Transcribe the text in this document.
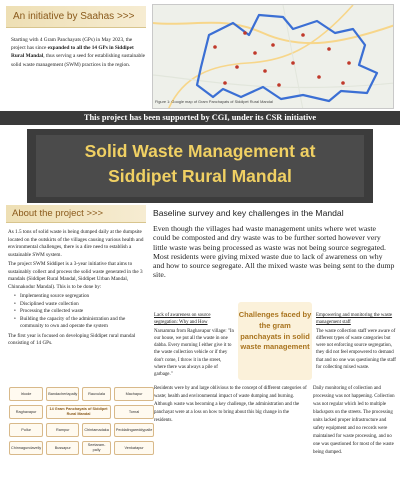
An initiative by Saahas >>>
Starting with 4 Gram Panchayats (GPs) in May 2023, the project has since expanded to all the 14 GPs in Siddipet Rural Mandal, thus serving a seed for establishing sustainable solid waste management (SWM) practices in the region.
Figure 1: Google map of Gram Panchayats of Siddipet Rural Mandal
This project has been supported by CGI, under its CSR initiative
Solid Waste Management at
Siddipet Rural Mandal
About the project >>>

As 1.5 tons of solid waste is being dumped daily at the dumpsite located on the outskirts of the villages causing various health and environmental challenges, there is a dire need to establish a sustainable SWM system.

The project SWM Siddipet is a 3-year initiative that aims to sustainably collect and process the solid waste generated in the 3 mandals (Siddipet Rural Mandal, Siddipet Urban Mandal, Chinnakodur Mandal). This is to be done by:

• Implementing source segregation
• Disciplined waste collection
• Processing the collected waste
• Building the capacity of the administration and the community to own and operate the system

The first year is focused on developing Siddipet rural mandal consisting of 14 GPs.

Irkode	Bandacherlapally	Rauvulala	Machapur
Raghavapur	14 Gram Panchayats of Siddipet Rural Mandal		Tornal
Pullur	Rampur	Chintamadaka	Peddalingareddypalle
Chinnagundavelly	Bussapur	Seetaram-pally	Venkatapur
Baseline survey and key challenges in the Mandal
Even though the villages had waste management units where wet waste could be composted and dry waste was to be further sorted however very little waste was being processed as waste was not being source segregated. Most residents were giving mixed waste due to lack of awareness on why and how to source segregate. All the mixed waste was being sent to the dump site.
Lack of awareness on source segregation: Why and How
Narsamma from Raghavapur village: "In our house, we put all the waste in one dabba. Every morning I either give it to the waste collection vehicle or if they don't come, I throw it in the street, where there was always a pile of garbage."
Challenges faced by the gram panchayats in solid waste management
Empowering and monitoring the waste management staff
The waste collection staff were aware of different types of waste categories but were not enforcing source segregation, they did not feel empowered to demand that and no one was questioning the staff for collecting mixed waste.
Residents were by and large oblivious to the concept of different categories of waste; health and environmental impact of waste dumping and burning. Although waste was becoming a key challenge, the administration and the panchayat were at a loss on how to bring about this big change in the residents.
Daily monitoring of collection and processing was not happening. Collection was not regular which led to multiple blackspots on the streets. The processing units lacked proper infrastructure and safety equipment and no records were maintained for waste processing, and no one was questioned for most of the waste being dumped.
